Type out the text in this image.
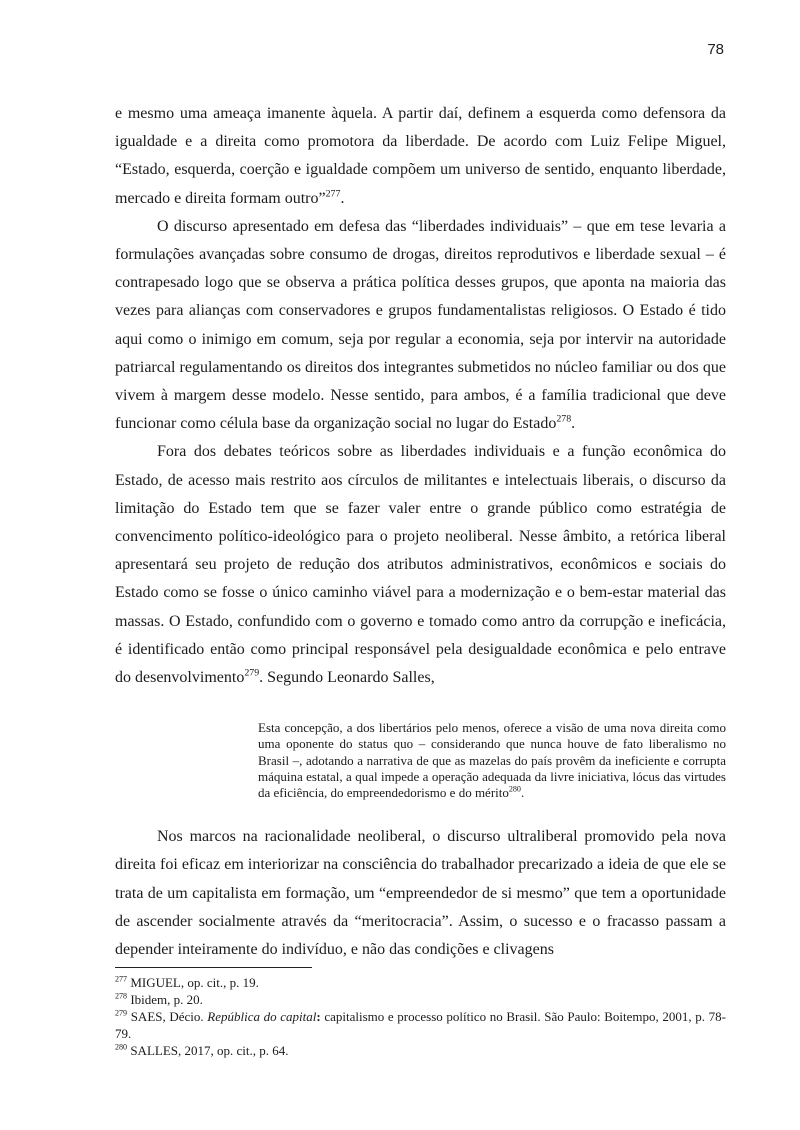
78

e mesmo uma ameaça imanente àquela. A partir daí, definem a esquerda como defensora da igualdade e a direita como promotora da liberdade. De acordo com Luiz Felipe Miguel, “Estado, esquerda, coerção e igualdade compõem um universo de sentido, enquanto liberdade, mercado e direita formam outro”$^{277}$.

O discurso apresentado em defesa das “liberdades individuais” – que em tese levaria a formulações avançadas sobre consumo de drogas, direitos reprodutivos e liberdade sexual – é contrapesado logo que se observa a prática política desses grupos, que aponta na maioria das vezes para alianças com conservadores e grupos fundamentalistas religiosos. O Estado é tido aqui como o inimigo em comum, seja por regular a economia, seja por intervir na autoridade patriarcal regulamentando os direitos dos integrantes submetidos no núcleo familiar ou dos que vivem à margem desse modelo. Nesse sentido, para ambos, é a família tradicional que deve funcionar como célula base da organização social no lugar do Estado$^{278}$.

Fora dos debates teóricos sobre as liberdades individuais e a função econômica do Estado, de acesso mais restrito aos círculos de militantes e intelectuais liberais, o discurso da limitação do Estado tem que se fazer valer entre o grande público como estratégia de convencimento político-ideológico para o projeto neoliberal. Nesse âmbito, a retórica liberal apresentará seu projeto de redução dos atributos administrativos, econômicos e sociais do Estado como se fosse o único caminho viável para a modernização e o bem-estar material das massas. O Estado, confundido com o governo e tomado como antro da corrupção e ineficácia, é identificado então como principal responsável pela desigualdade econômica e pelo entrave do desenvolvimento$^{279}$. Segundo Leonardo Salles,

Esta concepção, a dos libertários pelo menos, oferece a visão de uma nova direita como uma oponente do status quo – considerando que nunca houve de fato liberalismo no Brasil –, adotando a narrativa de que as mazelas do país provêm da ineficiente e corrupta máquina estatal, a qual impede a operação adequada da livre iniciativa, lócus das virtudes da eficiência, do empreendedorismo e do mérito$^{280}$.

Nos marcos na racionalidade neoliberal, o discurso ultraliberal promovido pela nova direita foi eficaz em interiorizar na consciência do trabalhador precarizado a ideia de que ele se trata de um capitalista em formação, um “empreendedor de si mesmo” que tem a oportunidade de ascender socialmente através da “meritocracia”. Assim, o sucesso e o fracasso passam a depender inteiramente do indivíduo, e não das condições e clivagens

$^{277}$ MIGUEL, op. cit., p. 19.

$^{278}$ Ibidem, p. 20.

$^{279}$ SAES, Décio. República do capital: capitalismo e processo político no Brasil. São Paulo: Boitempo, 2001, p. 78-79.

$^{280}$ SALLES, 2017, op. cit., p. 64.
